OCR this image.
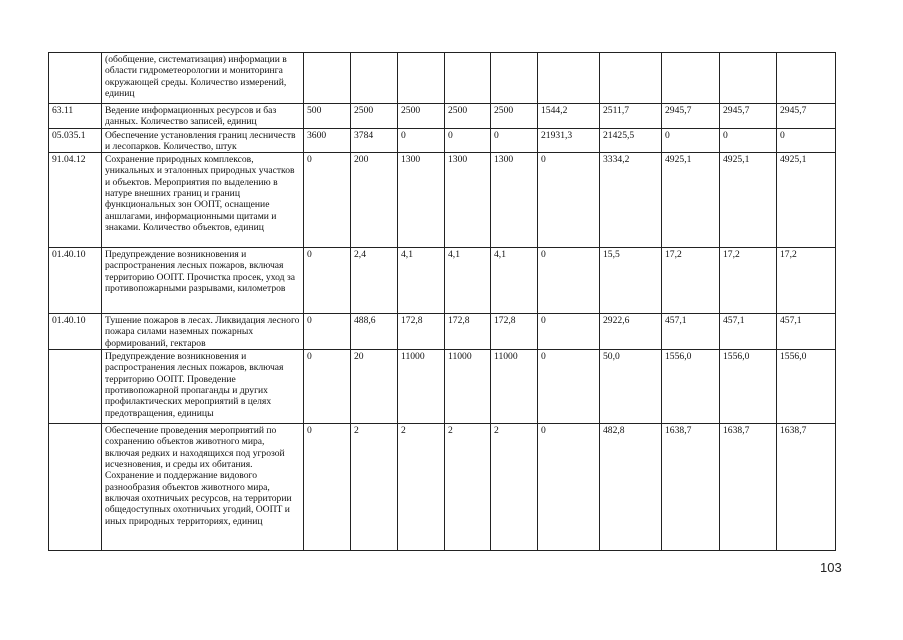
	(обобщение, систематизация) информации в области гидрометеорологии и мониторинга окружающей среды. Количество измерений, единиц										
63.11	Ведение информационных ресурсов и баз данных. Количество записей, единиц	500	2500	2500	2500	2500	1544,2	2511,7	2945,7	2945,7	2945,7
05.035.1	Обеспечение установления границ лесничеств и лесопарков. Количество, штук	3600	3784	0	0	0	21931,3	21425,5	0	0	0
91.04.12	Сохранение природных комплексов, уникальных и эталонных природных участков и объектов. Мероприятия по выделению в натуре внешних границ и границ функциональных зон ООПТ, оснащение аншлагами, информационными щитами и знаками. Количество объектов, единиц	0	200	1300	1300	1300	0	3334,2	4925,1	4925,1	4925,1
01.40.10	Предупреждение возникновения и распространения лесных пожаров, включая территорию ООПТ. Прочистка просек, уход за противопожарными разрывами, километров	0	2,4	4,1	4,1	4,1	0	15,5	17,2	17,2	17,2
01.40.10	Тушение пожаров в лесах. Ликвидация лесного пожара силами наземных пожарных формирований, гектаров	0	488,6	172,8	172,8	172,8	0	2922,6	457,1	457,1	457,1
	Предупреждение возникновения и распространения лесных пожаров, включая территорию ООПТ. Проведение противопожарной пропаганды и других профилактических мероприятий в целях предотвращения, единицы	0	20	11000	11000	11000	0	50,0	1556,0	1556,0	1556,0
	Обеспечение проведения мероприятий по сохранению объектов животного мира, включая редких и находящихся под угрозой исчезновения, и среды их обитания. Сохранение и поддержание видового разнообразия объектов животного мира, включая охотничьих ресурсов, на территории общедоступных охотничьих угодий, ООПТ и иных природных территориях, единиц	0	2	2	2	2	0	482,8	1638,7	1638,7	1638,7
103
